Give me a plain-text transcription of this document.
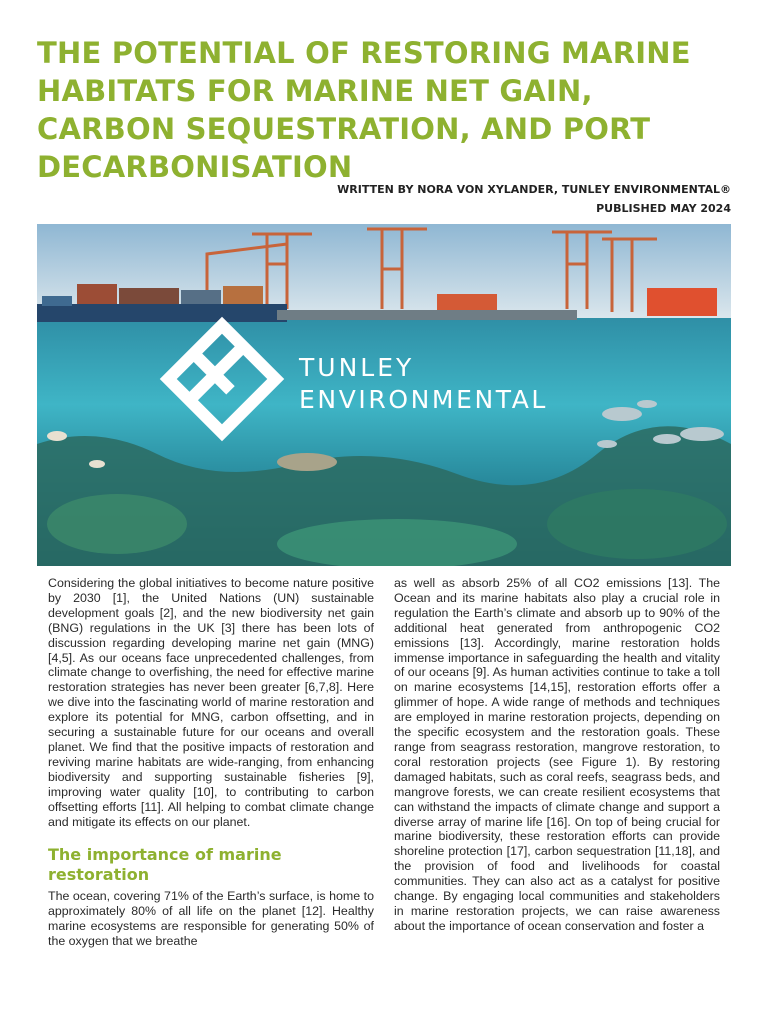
THE POTENTIAL OF RESTORING MARINE HABITATS FOR MARINE NET GAIN, CARBON SEQUESTRATION, AND PORT DECARBONISATION
WRITTEN BY NORA VON XYLANDER, TUNLEY ENVIRONMENTAL®
PUBLISHED MAY 2024
TUNLEY
ENVIRONMENTAL

Considering the global initiatives to become nature positive by 2030 [1], the United Nations (UN) sustainable development goals [2], and the new biodiversity net gain (BNG) regulations in the UK [3] there has been lots of discussion regarding developing marine net gain (MNG) [4,5]. As our oceans face unprecedented challenges, from climate change to overfishing, the need for effective marine restoration strategies has never been greater [6,7,8]. Here we dive into the fascinating world of marine restoration and explore its potential for MNG, carbon offsetting, and in securing a sustainable future for our oceans and overall planet. We find that the positive impacts of restoration and reviving marine habitats are wide-ranging, from enhancing biodiversity and supporting sustainable fisheries [9], improving water quality [10], to contributing to carbon offsetting efforts [11]. All helping to combat climate change and mitigate its effects on our planet.

The importance of marine restoration

The ocean, covering 71% of the Earth’s surface, is home to approximately 80% of all life on the planet [12]. Healthy marine ecosystems are responsible for generating 50% of the oxygen that we breathe

as well as absorb 25% of all CO2 emissions [13]. The Ocean and its marine habitats also play a crucial role in regulation the Earth’s climate and absorb up to 90% of the additional heat generated from anthropogenic CO2 emissions [13]. Accordingly, marine restoration holds immense importance in safeguarding the health and vitality of our oceans [9]. As human activities continue to take a toll on marine ecosystems [14,15], restoration efforts offer a glimmer of hope. A wide range of methods and techniques are employed in marine restoration projects, depending on the specific ecosystem and the restoration goals. These range from seagrass restoration, mangrove restoration, to coral restoration projects (see Figure 1). By restoring damaged habitats, such as coral reefs, seagrass beds, and mangrove forests, we can create resilient ecosystems that can withstand the impacts of climate change and support a diverse array of marine life [16]. On top of being crucial for marine biodiversity, these restoration efforts can provide shoreline protection [17], carbon sequestration [11,18], and the provision of food and livelihoods for coastal communities. They can also act as a catalyst for positive change. By engaging local communities and stakeholders in marine restoration projects, we can raise awareness about the importance of ocean conservation and foster a
